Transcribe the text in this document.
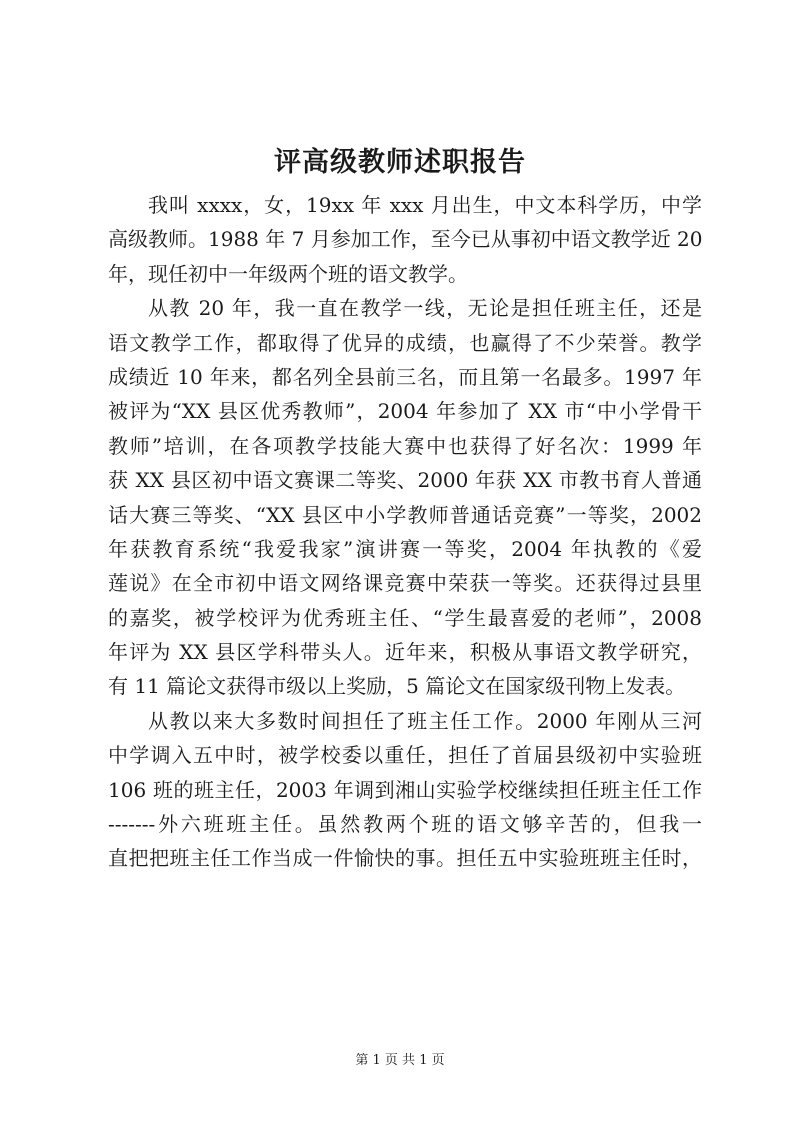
评高级教师述职报告
我叫 xxxx，女，19xx 年 xxx 月出生，中文本科学历，中学
高级教师。1988 年 7 月参加工作，至今已从事初中语文教学近 20
年，现任初中一年级两个班的语文教学。
从教 20 年，我一直在教学一线，无论是担任班主任，还是
语文教学工作，都取得了优异的成绩，也赢得了不少荣誉。教学
成绩近 10 年来，都名列全县前三名，而且第一名最多。1997 年
被评为“XX 县区优秀教师”，2004 年参加了 XX 市“中小学骨干
教师”培训，在各项教学技能大赛中也获得了好名次：1999 年
获 XX 县区初中语文赛课二等奖、2000 年获 XX 市教书育人普通
话大赛三等奖、“XX 县区中小学教师普通话竞赛”一等奖，2002
年获教育系统“我爱我家”演讲赛一等奖，2004 年执教的《爱
莲说》在全市初中语文网络课竞赛中荣获一等奖。还获得过县里
的嘉奖，被学校评为优秀班主任、“学生最喜爱的老师”，2008
年评为 XX 县区学科带头人。近年来，积极从事语文教学研究，
有 11 篇论文获得市级以上奖励，5 篇论文在国家级刊物上发表。
从教以来大多数时间担任了班主任工作。2000 年刚从三河
中学调入五中时，被学校委以重任，担任了首届县级初中实验班
106 班的班主任，2003 年调到湘山实验学校继续担任班主任工作
-------外六班班主任。虽然教两个班的语文够辛苦的，但我一
直把把班主任工作当成一件愉快的事。担任五中实验班班主任时，
第 1 页 共 1 页
